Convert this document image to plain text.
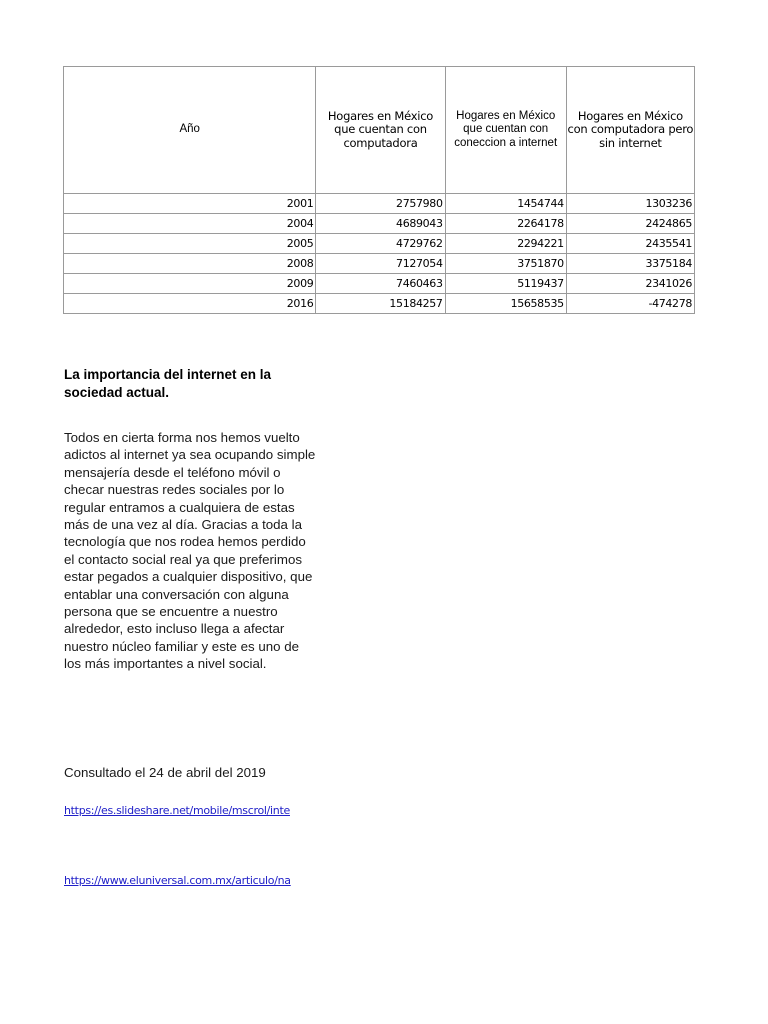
Año	Hogares en México que cuentan con computadora	Hogares en México que cuentan con coneccion a internet	Hogares en México con computadora pero sin internet
2001	2757980	1454744	1303236
2004	4689043	2264178	2424865
2005	4729762	2294221	2435541
2008	7127054	3751870	3375184
2009	7460463	5119437	2341026
2016	15184257	15658535	-474278
La importancia del internet en la sociedad actual.
Todos en cierta forma nos hemos vuelto adictos al internet ya sea ocupando simple mensajería desde el teléfono móvil o checar nuestras redes sociales por lo regular entramos a cualquiera de estas más de una vez al día. Gracias a toda la tecnología que nos rodea hemos perdido el contacto social real ya que preferimos estar pegados a cualquier dispositivo, que entablar una conversación con alguna persona que se encuentre a nuestro alrededor, esto incluso llega a afectar nuestro núcleo familiar y este es uno de los más importantes a nivel social.
Consultado el 24 de abril del 2019
https://es.slideshare.net/mobile/mscrol/inte
https://www.eluniversal.com.mx/articulo/na
